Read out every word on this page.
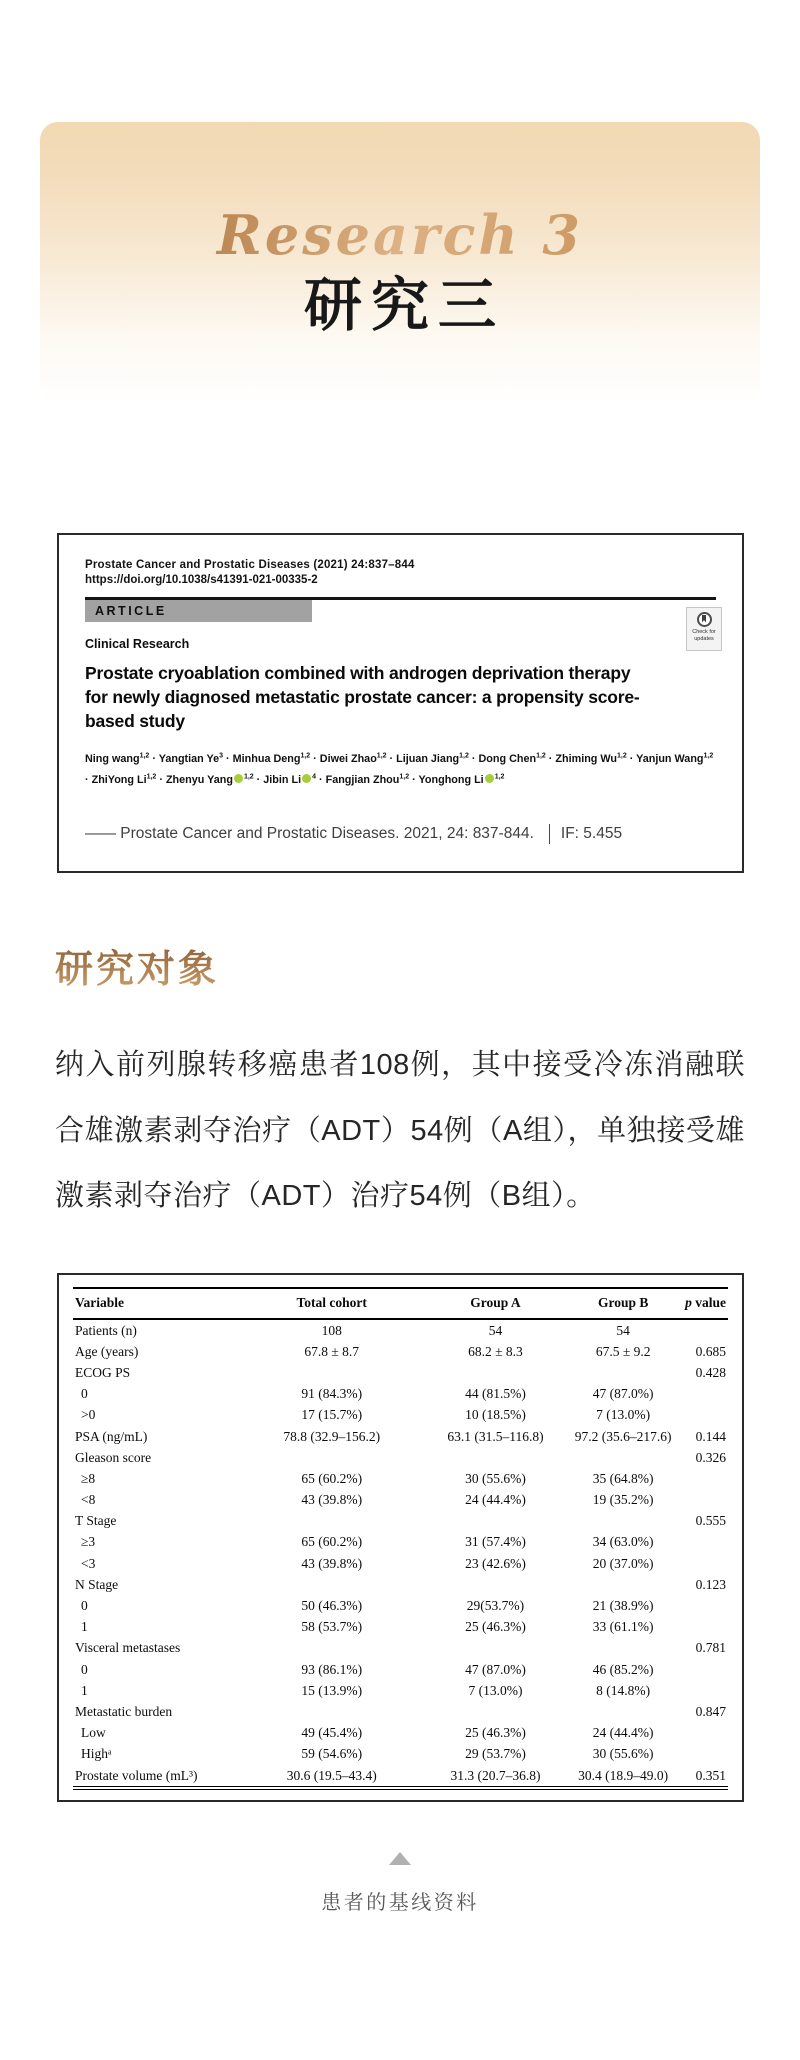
Research 3
研究三
Prostate Cancer and Prostatic Diseases (2021) 24:837–844
https://doi.org/10.1038/s41391-021-00335-2
ARTICLE
Check for updates
Clinical Research
Prostate cryoablation combined with androgen deprivation therapy for newly diagnosed metastatic prostate cancer: a propensity score-based study
Ning wang$^{1,2}$ · Yangtian $Ye^3$ · Minhua Deng$^{1,2}$ · Diwei Zhao$^{1,2}$ · Lijuan Jiang$^{1,2}$ · Dong Chen$^{1,2}$ · Zhiming Wu$^{1,2}$ · Yanjun Wang$^{1,2}$ · ZhiYong Li$^{1,2}$ · Zhenyu Yang $^{1,2}$ · Jibin Li $^4$ · Fangjian Zhou$^{1,2}$ · Yonghong Li $^{1,2}$
—— Prostate Cancer and Prostatic Diseases. 2021, 24: 837-844. IF: 5.455
研究对象
纳入前列腺转移癌患者108例，其中接受冷冻消融联合雄激素剥夺治疗（ADT）54例（A组），单独接受雄激素剥夺治疗（ADT）治疗54例（B组）。
Variable	Total cohort	Group A	Group B	p value
Patients (n)	108	54	54	
Age (years)	67.8 ± 8.7	68.2 ± 8.3	67.5 ± 9.2	0.685
ECOG PS				0.428
0	91 (84.3%)	44 (81.5%)	47 (87.0%)	
>0	17 (15.7%)	10 (18.5%)	7 (13.0%)	
PSA (ng/mL)	78.8 (32.9–156.2)	63.1 (31.5–116.8)	97.2 (35.6–217.6)	0.144
Gleason score				0.326
≥8	65 (60.2%)	30 (55.6%)	35 (64.8%)	
<8	43 (39.8%)	24 (44.4%)	19 (35.2%)	
T Stage				0.555
≥3	65 (60.2%)	31 (57.4%)	34 (63.0%)	
<3	43 (39.8%)	23 (42.6%)	20 (37.0%)	
N Stage				0.123
0	50 (46.3%)	29(53.7%)	21 (38.9%)	
1	58 (53.7%)	25 (46.3%)	33 (61.1%)	
Visceral metastases				0.781
0	93 (86.1%)	47 (87.0%)	46 (85.2%)	
1	15 (13.9%)	7 (13.0%)	8 (14.8%)	
Metastatic burden				0.847
Low	49 (45.4%)	25 (46.3%)	24 (44.4%)	
Highᵃ	59 (54.6%)	29 (53.7%)	30 (55.6%)	
Prostate volume (mL³)	30.6 (19.5–43.4)	31.3 (20.7–36.8)	30.4 (18.9–49.0)	0.351
患者的基线资料
